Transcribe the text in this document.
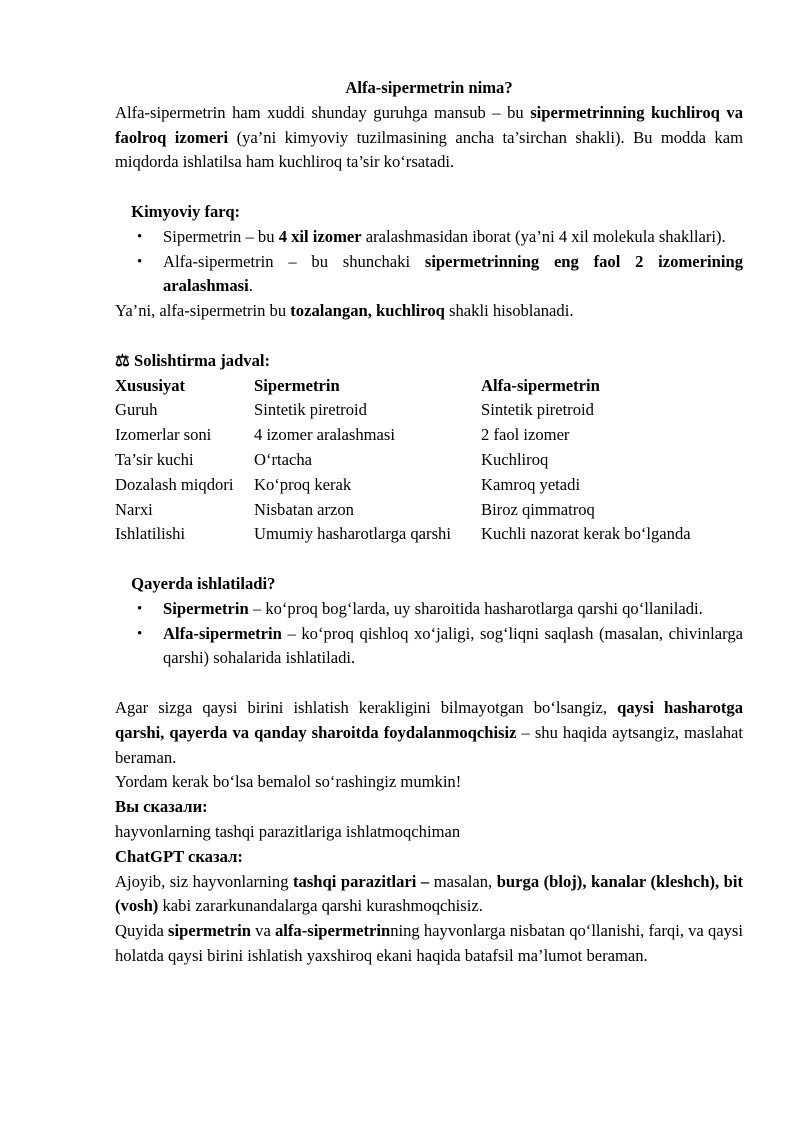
Alfa-sipermetrin nima?
Alfa-sipermetrin ham xuddi shunday guruhga mansub – bu sipermetrinning kuchliroq va faolroq izomeri (ya’ni kimyoviy tuzilmasining ancha ta’sirchan shakli). Bu modda kam miqdorda ishlatilsa ham kuchliroq ta’sir ko‘rsatadi.
Kimyoviy farq:
• Sipermetrin – bu 4 xil izomer aralashmasidan iborat (ya’ni 4 xil molekula shakllari).
• Alfa-sipermetrin – bu shunchaki sipermetrinning eng faol 2 izomerining aralashmasi.
Ya’ni, alfa-sipermetrin bu tozalangan, kuchliroq shakli hisoblanadi.
⚖ Solishtirma jadval:
Xususiyat	Sipermetrin	Alfa-sipermetrin
Guruh	Sintetik piretroid	Sintetik piretroid
Izomerlar soni	4 izomer aralashmasi	2 faol izomer
Ta’sir kuchi	O‘rtacha	Kuchliroq
Dozalash miqdori	Ko‘proq kerak	Kamroq yetadi
Narxi	Nisbatan arzon	Biroz qimmatroq
Ishlatilishi	Umumiy hasharotlarga qarshi	Kuchli nazorat kerak bo‘lganda
Qayerda ishlatiladi?
• Sipermetrin – ko‘proq bog‘larda, uy sharoitida hasharotlarga qarshi qo‘llaniladi.
• Alfa-sipermetrin – ko‘proq qishloq xo‘jaligi, sog‘liqni saqlash (masalan, chivinlarga qarshi) sohalarida ishlatiladi.
Agar sizga qaysi birini ishlatish kerakligini bilmayotgan bo‘lsangiz, qaysi hasharotga qarshi, qayerda va qanday sharoitda foydalanmoqchisiz – shu haqida aytsangiz, maslahat beraman.
Yordam kerak bo‘lsa bemalol so‘rashingiz mumkin!
Вы сказали:
hayvonlarning tashqi parazitlariga ishlatmoqchiman
ChatGPT сказал:
Ajoyib, siz hayvonlarning tashqi parazitlari – masalan, burga (bloj), kanalar (kleshch), bit (vosh) kabi zararkunandalarga qarshi kurashmoqchisiz.
Quyida sipermetrin va alfa-sipermetrinning hayvonlarga nisbatan qo‘llanishi, farqi, va qaysi holatda qaysi birini ishlatish yaxshiroq ekani haqida batafsil ma’lumot beraman.
